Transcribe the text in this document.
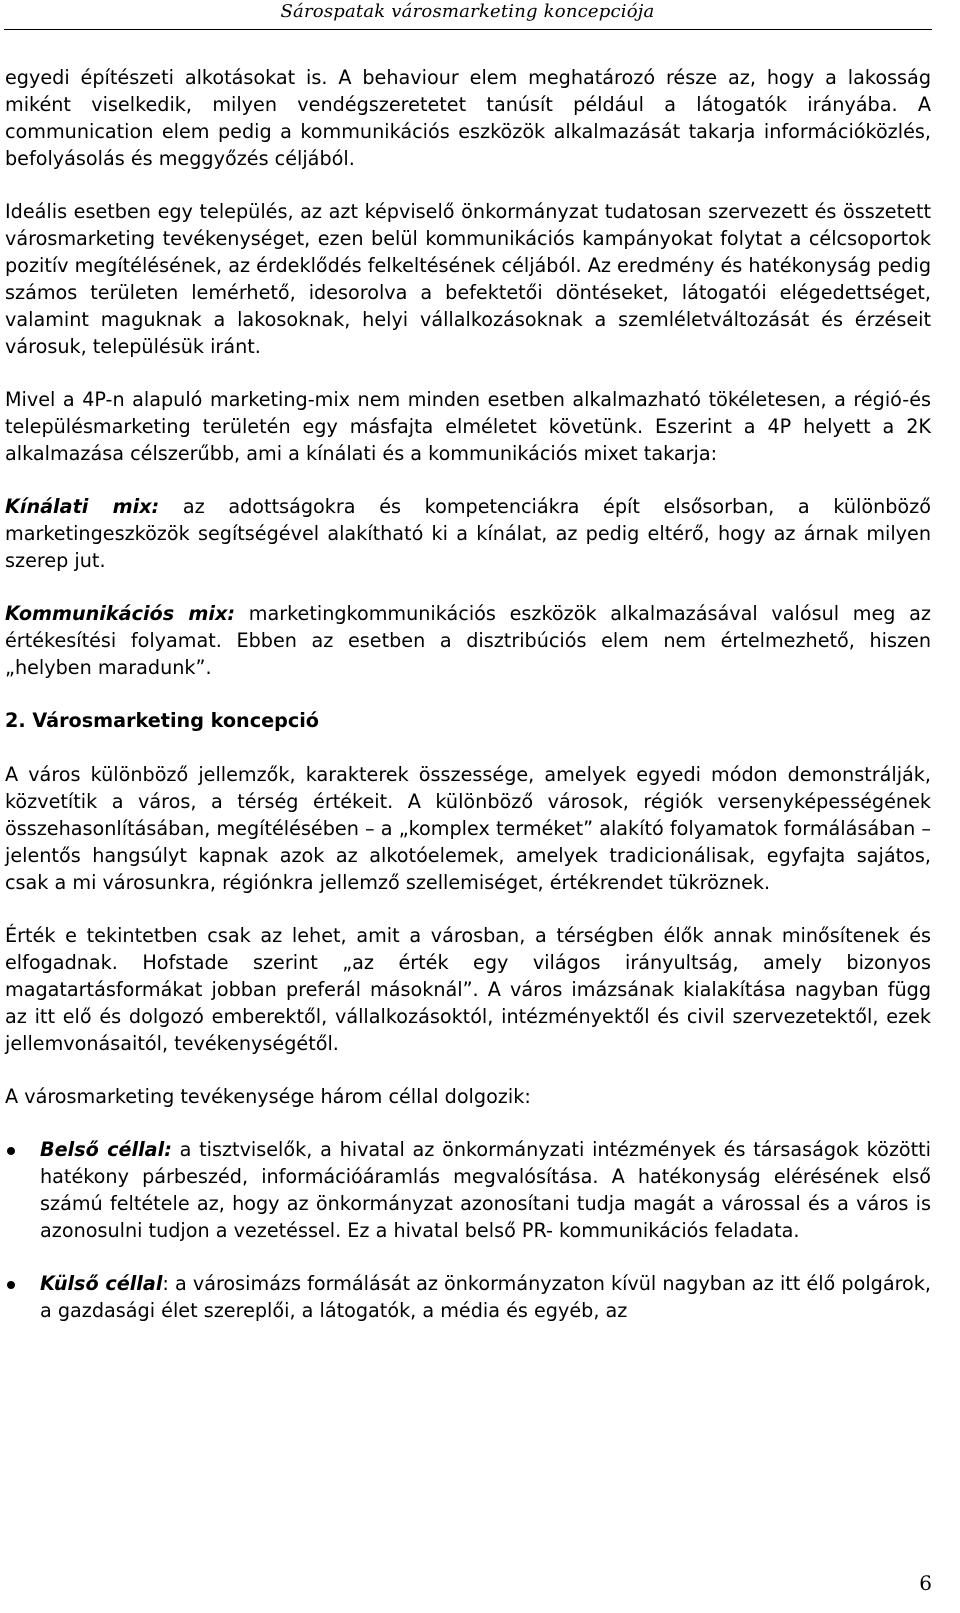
Sárospatak városmarketing koncepciója

egyedi építészeti alkotásokat is. A behaviour elem meghatározó része az, hogy a lakosság miként viselkedik, milyen vendégszeretetet tanúsít például a látogatók irányába. A communication elem pedig a kommunikációs eszközök alkalmazását takarja információközlés, befolyásolás és meggyőzés céljából.

Ideális esetben egy település, az azt képviselő önkormányzat tudatosan szervezett és összetett városmarketing tevékenységet, ezen belül kommunikációs kampányokat folytat a célcsoportok pozitív megítélésének, az érdeklődés felkeltésének céljából. Az eredmény és hatékonyság pedig számos területen lemérhető, idesorolva a befektetői döntéseket, látogatói elégedettséget, valamint maguknak a lakosoknak, helyi vállalkozásoknak a szemléletváltozását és érzéseit városuk, településük iránt.

Mivel a 4P-n alapuló marketing-mix nem minden esetben alkalmazható tökéletesen, a régió-és településmarketing területén egy másfajta elméletet követünk. Eszerint a 4P helyett a 2K alkalmazása célszerűbb, ami a kínálati és a kommunikációs mixet takarja:

Kínálati mix: az adottságokra és kompetenciákra épít elsősorban, a különböző marketingeszközök segítségével alakítható ki a kínálat, az pedig eltérő, hogy az árnak milyen szerep jut.

Kommunikációs mix: marketingkommunikációs eszközök alkalmazásával valósul meg az értékesítési folyamat. Ebben az esetben a disztribúciós elem nem értelmezhető, hiszen „helyben maradunk”.

2. Városmarketing koncepció

A város különböző jellemzők, karakterek összessége, amelyek egyedi módon demonstrálják, közvetítik a város, a térség értékeit. A különböző városok, régiók versenyképességének összehasonlításában, megítélésében – a „komplex terméket” alakító folyamatok formálásában – jelentős hangsúlyt kapnak azok az alkotóelemek, amelyek tradicionálisak, egyfajta sajátos, csak a mi városunkra, régiónkra jellemző szellemiséget, értékrendet tükröznek.

Érték e tekintetben csak az lehet, amit a városban, a térségben élők annak minősítenek és elfogadnak. Hofstade szerint „az érték egy világos irányultság, amely bizonyos magatartásformákat jobban preferál másoknál”. A város imázsának kialakítása nagyban függ az itt elő és dolgozó emberektől, vállalkozásoktól, intézményektől és civil szervezetektől, ezek jellemvonásaitól, tevékenységétől.

A városmarketing tevékenysége három céllal dolgozik:

Belső céllal: a tisztviselők, a hivatal az önkormányzati intézmények és társaságok közötti hatékony párbeszéd, információáramlás megvalósítása. A hatékonyság elérésének első számú feltétele az, hogy az önkormányzat azonosítani tudja magát a várossal és a város is azonosulni tudjon a vezetéssel. Ez a hivatal belső PR- kommunikációs feladata.
Külső céllal: a városimázs formálását az önkormányzaton kívül nagyban az itt élő polgárok, a gazdasági élet szereplői, a látogatók, a média és egyéb, az
6
